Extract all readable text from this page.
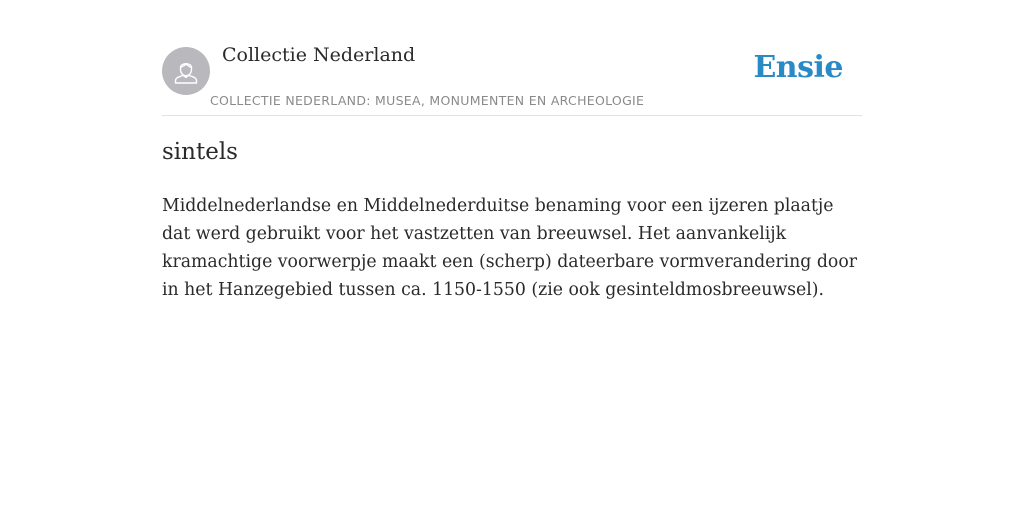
Collectie Nederland
COLLECTIE NEDERLAND: MUSEA, MONUMENTEN EN ARCHEOLOGIE
Ensie
sintels

Middelnederlandse en Middelnederduitse benaming voor een ijzeren plaatje dat werd gebruikt voor het vastzetten van breeuwsel. Het aanvankelijk kramachtige voorwerpje maakt een (scherp) dateerbare vormverandering door in het Hanzegebied tussen ca. 1150-1550 (zie ook gesinteldmosbreeuwsel).
